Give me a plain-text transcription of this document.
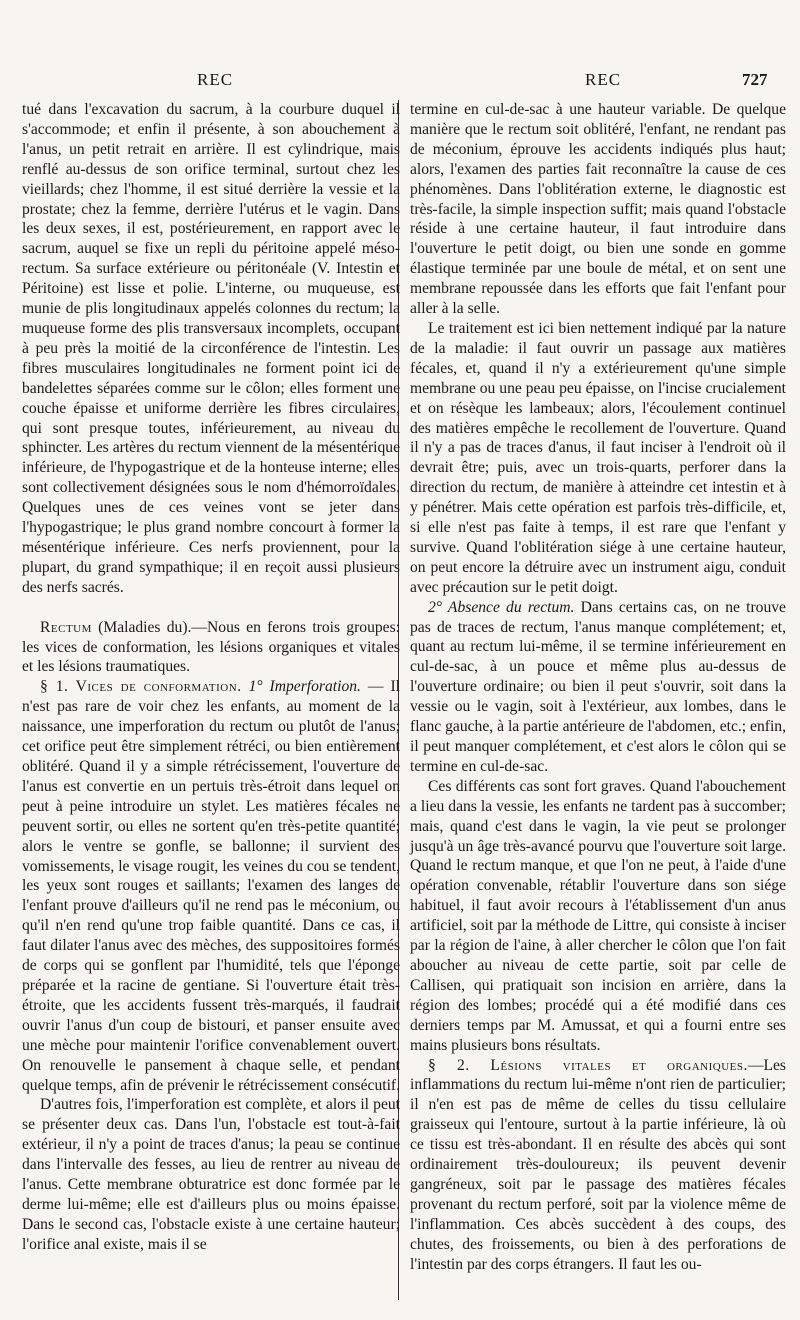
REC	REC	727

tué dans l'excavation du sacrum, à la courbure duquel il s'accommode; et enfin il présente, à son abouchement à l'anus, un petit retrait en arrière. Il est cylindrique, mais renflé au-dessus de son orifice terminal, surtout chez les vieillards; chez l'homme, il est situé derrière la vessie et la prostate; chez la femme, derrière l'utérus et le vagin. Dans les deux sexes, il est, postérieurement, en rapport avec le sacrum, auquel se fixe un repli du péritoine appelé méso-rectum. Sa surface extérieure ou péritonéale (V. Intestin et Péritoine) est lisse et polie. L'interne, ou muqueuse, est munie de plis longitudinaux appelés colonnes du rectum; la muqueuse forme des plis transversaux incomplets, occupant à peu près la moitié de la circonférence de l'intestin. Les fibres musculaires longitudinales ne forment point ici de bandelettes séparées comme sur le côlon; elles forment une couche épaisse et uniforme derrière les fibres circulaires, qui sont presque toutes, inférieurement, au niveau du sphincter. Les artères du rectum viennent de la mésentérique inférieure, de l'hypogastrique et de la honteuse interne; elles sont collectivement désignées sous le nom d'hémorroïdales. Quelques unes de ces veines vont se jeter dans l'hypogastrique; le plus grand nombre concourt à former la mésentérique inférieure. Ces nerfs proviennent, pour la plupart, du grand sympathique; il en reçoit aussi plusieurs des nerfs sacrés.

Rectum (Maladies du).—Nous en ferons trois groupes: les vices de conformation, les lésions organiques et vitales et les lésions traumatiques.

§ 1. Vices de conformation. 1° Imperforation. — Il n'est pas rare de voir chez les enfants, au moment de la naissance, une imperforation du rectum ou plutôt de l'anus; cet orifice peut être simplement rétréci, ou bien entièrement oblitéré. Quand il y a simple rétrécissement, l'ouverture de l'anus est convertie en un pertuis très-étroit dans lequel on peut à peine introduire un stylet. Les matières fécales ne peuvent sortir, ou elles ne sortent qu'en très-petite quantité; alors le ventre se gonfle, se ballonne; il survient des vomissements, le visage rougit, les veines du cou se tendent, les yeux sont rouges et saillants; l'examen des langes de l'enfant prouve d'ailleurs qu'il ne rend pas le méconium, ou qu'il n'en rend qu'une trop faible quantité. Dans ce cas, il faut dilater l'anus avec des mèches, des suppositoires formés de corps qui se gonflent par l'humidité, tels que l'éponge préparée et la racine de gentiane. Si l'ouverture était très-étroite, que les accidents fussent très-marqués, il faudrait ouvrir l'anus d'un coup de bistouri, et panser ensuite avec une mèche pour maintenir l'orifice convenablement ouvert. On renouvelle le pansement à chaque selle, et pendant quelque temps, afin de prévenir le rétrécissement consécutif.

D'autres fois, l'imperforation est complète, et alors il peut se présenter deux cas. Dans l'un, l'obstacle est tout-à-fait extérieur, il n'y a point de traces d'anus; la peau se continue dans l'intervalle des fesses, au lieu de rentrer au niveau de l'anus. Cette membrane obturatrice est donc formée par le derme lui-même; elle est d'ailleurs plus ou moins épaisse. Dans le second cas, l'obstacle existe à une certaine hauteur; l'orifice anal existe, mais il se

termine en cul-de-sac à une hauteur variable. De quelque manière que le rectum soit oblitéré, l'enfant, ne rendant pas de méconium, éprouve les accidents indiqués plus haut; alors, l'examen des parties fait reconnaître la cause de ces phénomènes. Dans l'oblitération externe, le diagnostic est très-facile, la simple inspection suffit; mais quand l'obstacle réside à une certaine hauteur, il faut introduire dans l'ouverture le petit doigt, ou bien une sonde en gomme élastique terminée par une boule de métal, et on sent une membrane repoussée dans les efforts que fait l'enfant pour aller à la selle.

Le traitement est ici bien nettement indiqué par la nature de la maladie: il faut ouvrir un passage aux matières fécales, et, quand il n'y a extérieurement qu'une simple membrane ou une peau peu épaisse, on l'incise crucialement et on résèque les lambeaux; alors, l'écoulement continuel des matières empêche le recollement de l'ouverture. Quand il n'y a pas de traces d'anus, il faut inciser à l'endroit où il devrait être; puis, avec un trois-quarts, perforer dans la direction du rectum, de manière à atteindre cet intestin et à y pénétrer. Mais cette opération est parfois très-difficile, et, si elle n'est pas faite à temps, il est rare que l'enfant y survive. Quand l'oblitération siége à une certaine hauteur, on peut encore la détruire avec un instrument aigu, conduit avec précaution sur le petit doigt.

2° Absence du rectum. Dans certains cas, on ne trouve pas de traces de rectum, l'anus manque complétement; et, quant au rectum lui-même, il se termine inférieurement en cul-de-sac, à un pouce et même plus au-dessus de l'ouverture ordinaire; ou bien il peut s'ouvrir, soit dans la vessie ou le vagin, soit à l'extérieur, aux lombes, dans le flanc gauche, à la partie antérieure de l'abdomen, etc.; enfin, il peut manquer complétement, et c'est alors le côlon qui se termine en cul-de-sac.

Ces différents cas sont fort graves. Quand l'abouchement a lieu dans la vessie, les enfants ne tardent pas à succomber; mais, quand c'est dans le vagin, la vie peut se prolonger jusqu'à un âge très-avancé pourvu que l'ouverture soit large. Quand le rectum manque, et que l'on ne peut, à l'aide d'une opération convenable, rétablir l'ouverture dans son siége habituel, il faut avoir recours à l'établissement d'un anus artificiel, soit par la méthode de Littre, qui consiste à inciser par la région de l'aine, à aller chercher le côlon que l'on fait aboucher au niveau de cette partie, soit par celle de Callisen, qui pratiquait son incision en arrière, dans la région des lombes; procédé qui a été modifié dans ces derniers temps par M. Amussat, et qui a fourni entre ses mains plusieurs bons résultats.

§ 2. Lésions vitales et organiques.—Les inflammations du rectum lui-même n'ont rien de particulier; il n'en est pas de même de celles du tissu cellulaire graisseux qui l'entoure, surtout à la partie inférieure, là où ce tissu est très-abondant. Il en résulte des abcès qui sont ordinairement très-douloureux; ils peuvent devenir gangréneux, soit par le passage des matières fécales provenant du rectum perforé, soit par la violence même de l'inflammation. Ces abcès succèdent à des coups, des chutes, des froissements, ou bien à des perforations de l'intestin par des corps étrangers. Il faut les ou-
